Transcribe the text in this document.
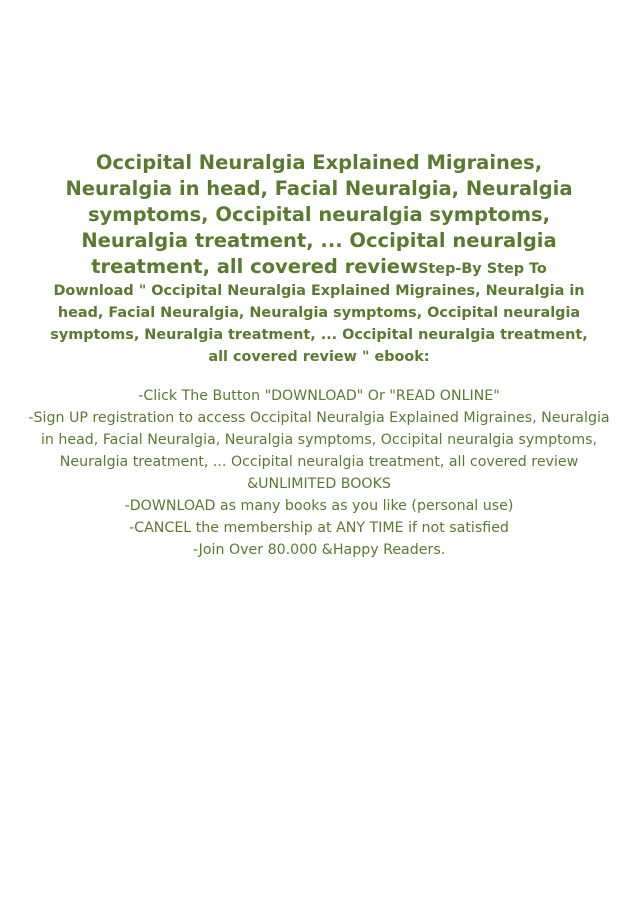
Occipital Neuralgia Explained Migraines, Neuralgia in head, Facial Neuralgia, Neuralgia symptoms, Occipital neuralgia symptoms, Neuralgia treatment, ... Occipital neuralgia treatment, all covered reviewStep-By Step To
Download " Occipital Neuralgia Explained Migraines, Neuralgia in head, Facial Neuralgia, Neuralgia symptoms, Occipital neuralgia symptoms, Neuralgia treatment, ... Occipital neuralgia treatment, all covered review " ebook:
-Click The Button "DOWNLOAD" Or "READ ONLINE"
-Sign UP registration to access Occipital Neuralgia Explained Migraines, Neuralgia in head, Facial Neuralgia, Neuralgia symptoms, Occipital neuralgia symptoms, Neuralgia treatment, ... Occipital neuralgia treatment, all covered review &UNLIMITED BOOKS
-DOWNLOAD as many books as you like (personal use)
-CANCEL the membership at ANY TIME if not satisfied
-Join Over 80.000 &Happy Readers.
